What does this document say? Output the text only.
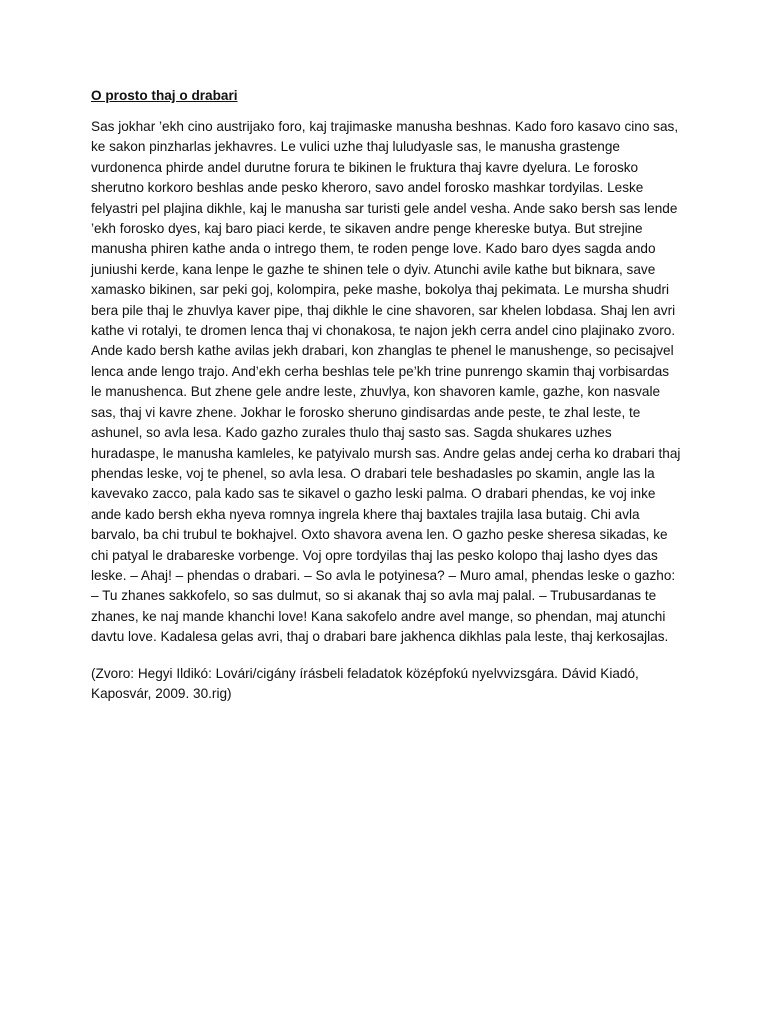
O prosto thaj o drabari

Sas jokhar ’ekh cino austrijako foro, kaj trajimaske manusha beshnas. Kado foro kasavo cino sas, ke sakon pinzharlas jekhavres. Le vulici uzhe thaj luludyasle sas, le manusha grastenge vurdonenca phirde andel durutne forura te bikinen le fruktura thaj kavre dyelura. Le forosko sherutno korkoro beshlas ande pesko kheroro, savo andel forosko mashkar tordyilas. Leske felyastri pel plajina dikhle, kaj le manusha sar turisti gele andel vesha. Ande sako bersh sas lende ’ekh forosko dyes, kaj baro piaci kerde, te sikaven andre penge khereske butya. But strejine manusha phiren kathe anda o intrego them, te roden penge love. Kado baro dyes sagda ando juniushi kerde, kana lenpe le gazhe te shinen tele o dyiv. Atunchi avile kathe but biknara, save xamasko bikinen, sar peki goj, kolompira, peke mashe, bokolya thaj pekimata. Le mursha shudri bera pile thaj le zhuvlya kaver pipe, thaj dikhle le cine shavoren, sar khelen lobdasa. Shaj len avri kathe vi rotalyi, te dromen lenca thaj vi chonakosa, te najon jekh cerra andel cino plajinako zvoro. Ande kado bersh kathe avilas jekh drabari, kon zhanglas te phenel le manushenge, so pecisajvel lenca ande lengo trajo. And’ekh cerha beshlas tele pe’kh trine punrengo skamin thaj vorbisardas le manushenca. But zhene gele andre leste, zhuvlya, kon shavoren kamle, gazhe, kon nasvale sas, thaj vi kavre zhene. Jokhar le forosko sheruno gindisardas ande peste, te zhal leste, te ashunel, so avla lesa. Kado gazho zurales thulo thaj sasto sas. Sagda shukares uzhes huradaspe, le manusha kamleles, ke patyivalo mursh sas. Andre gelas andej cerha ko drabari thaj phendas leske, voj te phenel, so avla lesa. O drabari tele beshadasles po skamin, angle las la kavevako zacco, pala kado sas te sikavel o gazho leski palma. O drabari phendas, ke voj inke ande kado bersh ekha nyeva romnya ingrela khere thaj baxtales trajila lasa butaig. Chi avla barvalo, ba chi trubul te bokhajvel. Oxto shavora avena len. O gazho peske sheresa sikadas, ke chi patyal le drabareske vorbenge. Voj opre tordyilas thaj las pesko kolopo thaj lasho dyes das leske. – Ahaj! – phendas o drabari. – So avla le potyinesa? – Muro amal, phendas leske o gazho: – Tu zhanes sakkofelo, so sas dulmut, so si akanak thaj so avla maj palal. – Trubusardanas te zhanes, ke naj mande khanchi love! Kana sakofelo andre avel mange, so phendan, maj atunchi davtu love. Kadalesa gelas avri, thaj o drabari bare jakhenca dikhlas pala leste, thaj kerkosajlas.

(Zvoro: Hegyi Ildikó: Lovári/cigány írásbeli feladatok középfokú nyelvvizsgára. Dávid Kiadó, Kaposvár, 2009. 30.rig)
